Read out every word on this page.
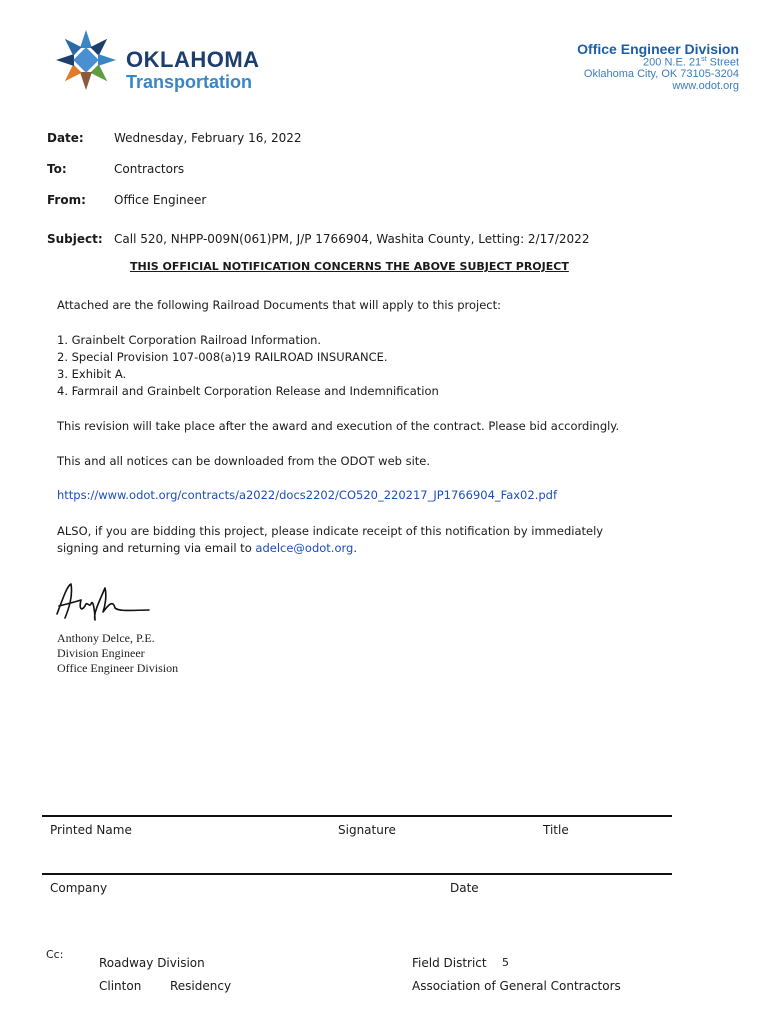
OKLAHOMA
Transportation
Office Engineer Division
200 N.E. 21st Street
Oklahoma City, OK 73105-3204
www.odot.org
Date:	Wednesday, February 16, 2022
To:	Contractors
From: Office Engineer
Subject: Call 520, NHPP-009N(061)PM, J/P 1766904, Washita County, Letting: 2/17/2022
THIS OFFICIAL NOTIFICATION CONCERNS THE ABOVE SUBJECT PROJECT
Attached are the following Railroad Documents that will apply to this project:
1. Grainbelt Corporation Railroad Information.
2. Special Provision 107-008(a)19 RAILROAD INSURANCE.
3. Exhibit A.
4. Farmrail and Grainbelt Corporation Release and Indemnification
This revision will take place after the award and execution of the contract. Please bid accordingly.
This and all notices can be downloaded from the ODOT web site.
https://www.odot.org/contracts/a2022/docs2202/CO520_220217_JP1766904_Fax02.pdf
ALSO, if you are bidding this project, please indicate receipt of this notification by immediately
signing and returning via email to adelce@odot.org.
Anthony Delce, P.E.
Division Engineer
Office Engineer Division
Printed Name	Signature	Title
Company	Date
Cc:
Roadway Division	Field District 5
Clinton Residency	Association of General Contractors
